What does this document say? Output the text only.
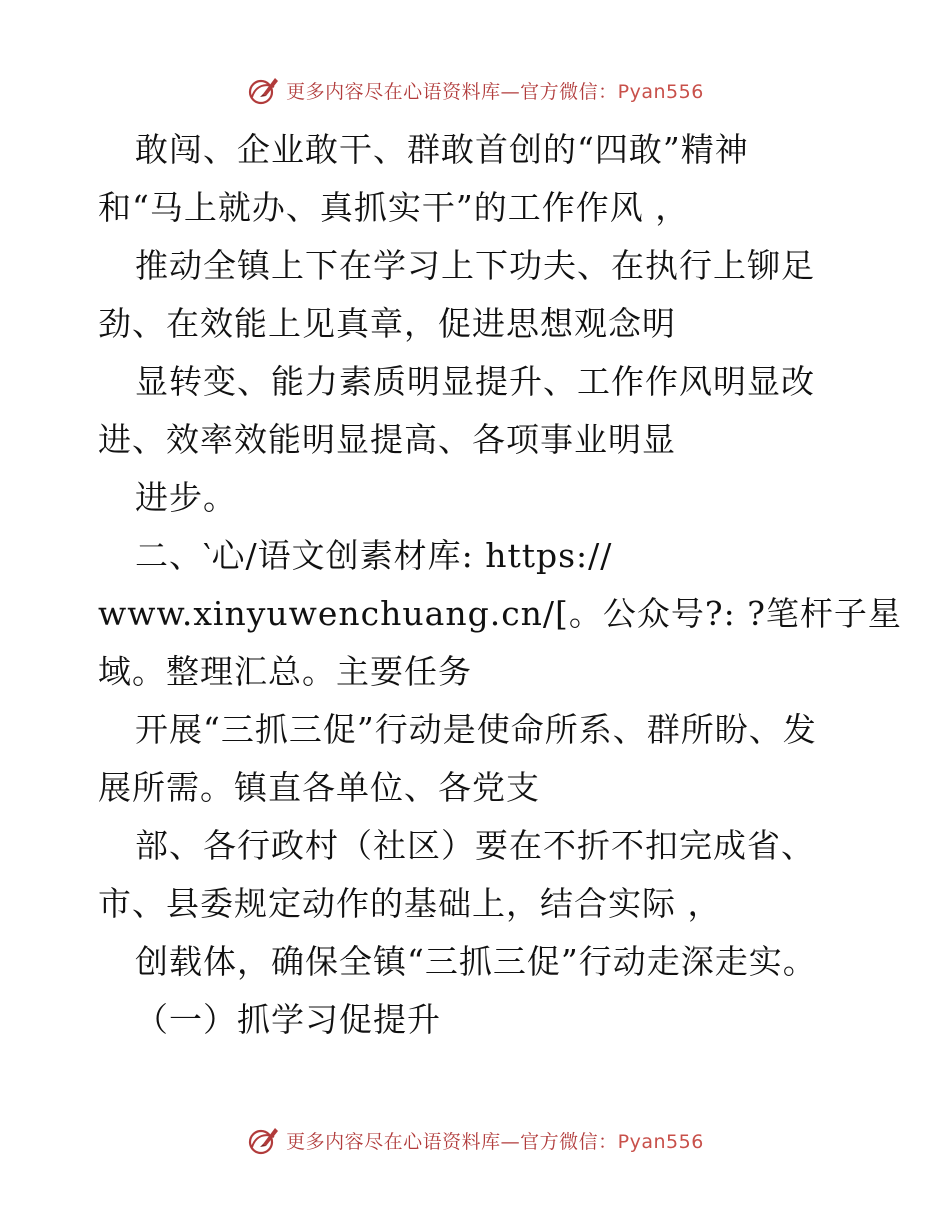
更多内容尽在心语资料库—官方微信：Pyan556
敢闯、企业敢干、群敢首创的“四敢”精神
和“马上就办、真抓实干”的工作作风 ，
推动全镇上下在学习上下功夫、在执行上铆足
劲、在效能上见真章，促进思想观念明
显转变、能力素质明显提升、工作作风明显改
进、效率效能明显提高、各项事业明显
进步。
二、‵心/语文创素材库: https://
www.xinyuwenchuang.cn/[。公众号?: ?笔杆子星
域。整理汇总。主要任务
开展“三抓三促”行动是使命所系、群所盼、发
展所需。镇直各单位、各党支
部、各行政村（社区）要在不折不扣完成省、
市、县委规定动作的基础上，结合实际 ，
创载体，确保全镇“三抓三促”行动走深走实。
（一）抓学习促提升
更多内容尽在心语资料库—官方微信：Pyan556
